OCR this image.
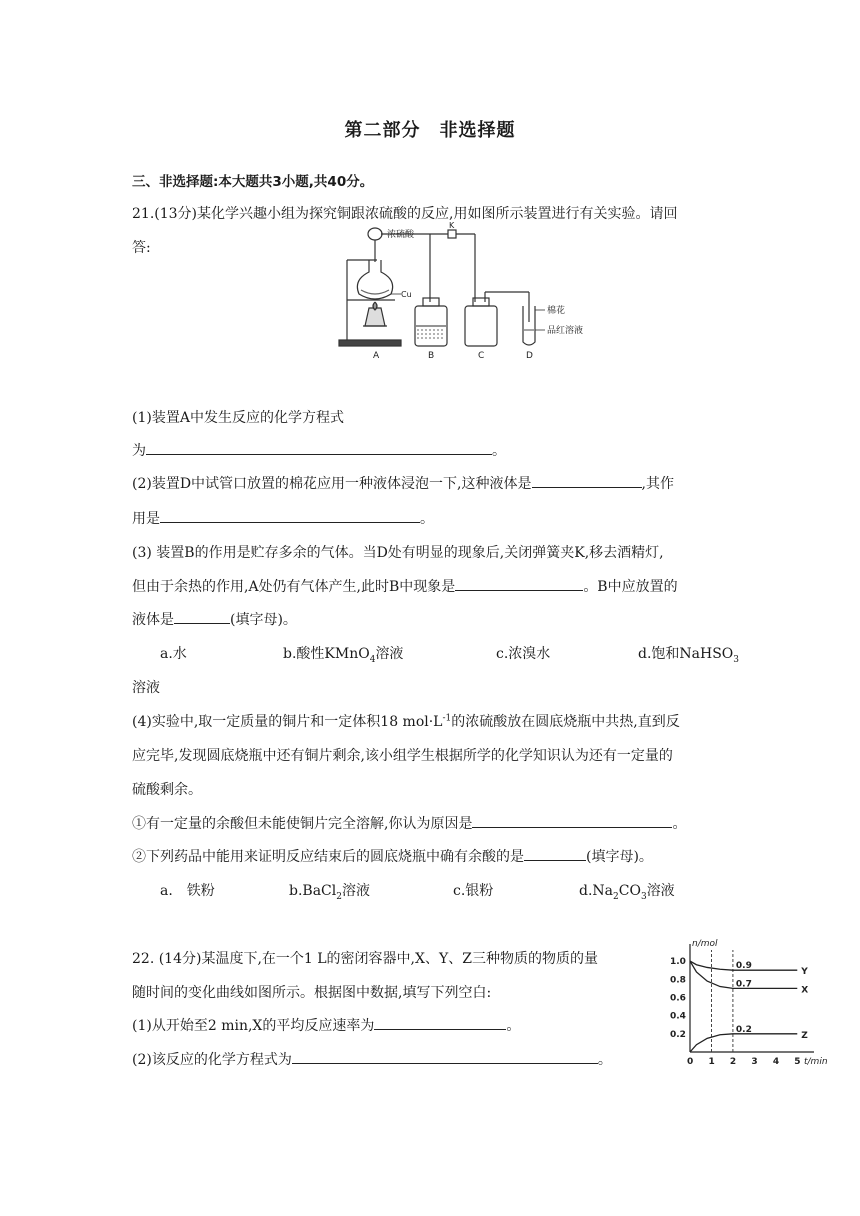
第二部分　非选择题
三、非选择题:本大题共3小题,共40分。
21.(13分)某化学兴趣小组为探究铜跟浓硫酸的反应,用如图所示装置进行有关实验。请回
答:
浓硫酸
K
Cu
棉花
品红溶液
A	B	C	D
(1)装置A中发生反应的化学方程式
为	。
(2)装置D中试管口放置的棉花应用一种液体浸泡一下,这种液体是	,其作
用是	。
(3) 装置B的作用是贮存多余的气体。当D处有明显的现象后,关闭弹簧夹K,移去酒精灯,
但由于余热的作用,A处仍有气体产生,此时B中现象是	。B中应放置的
液体是	(填字母)。
a.水	b.酸性KMnO$_4$溶液	c.浓溴水	d.饱和NaHSO$_3$
溶液
(4)实验中,取一定质量的铜片和一定体积18 $mol\cdot L^{-1}$的浓硫酸放在圆底烧瓶中共热,直到反
应完毕,发现圆底烧瓶中还有铜片剩余,该小组学生根据所学的化学知识认为还有一定量的
硫酸剩余。
①有一定量的余酸但未能使铜片完全溶解,你认为原因是	。
②下列药品中能用来证明反应结束后的圆底烧瓶中确有余酸的是	(填字母)。
a.　铁粉	b.BaCl$_2$溶液	c.银粉	$d.Na_2CO_3$溶液
22. (14分)某温度下,在一个1 L的密闭容器中,X、Y、Z三种物质的物质的量
随时间的变化曲线如图所示。根据图中数据,填写下列空白:
(1)从开始至2 min,X的平均反应速率为	。
(2)该反应的化学方程式为	。
n/mol
t/min
0 1 2 3 4 5
0.2
0.4
0.6
0.8
1.0
Y
X
Z
0.9
0.7
0.2
